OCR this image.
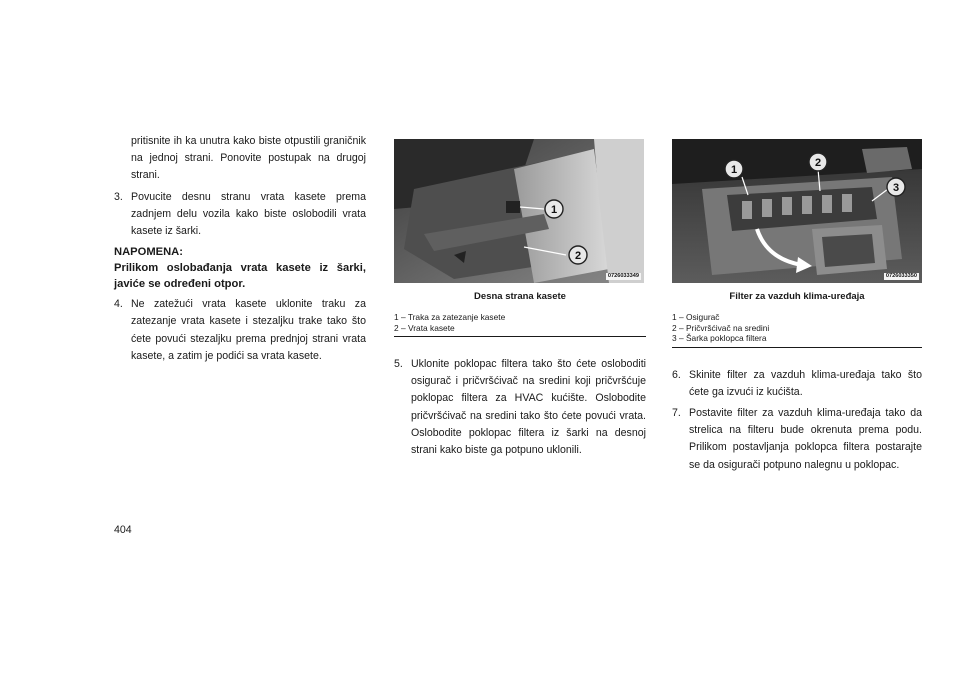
pritisnite ih ka unutra kako biste otpustili graničnik na jednoj strani. Ponovite postupak na drugoj strani.

3. Povucite desnu stranu vrata kasete prema zadnjem delu vozila kako biste oslobodili vrata kasete iz šarki.
NAPOMENA:
Prilikom oslobađanja vrata kasete iz šarki, javiće se određeni otpor.
4. Ne zatežući vrata kasete uklonite traku za zatezanje vrata kasete i stezaljku trake tako što ćete povući stezaljku prema prednjoj strani vrata kasete, a zatim je podići sa vrata kasete.
1
2
0726033349
Desna strana kasete
1 – Traka za zatezanje kasete
2 – Vrata kasete
5. Uklonite poklopac filtera tako što ćete osloboditi osigurač i pričvršćivač na sredini koji pričvršćuje poklopac filtera za HVAC kućište. Oslobodite pričvršćivač na sredini tako što ćete povući vrata. Oslobodite poklopac filtera iz šarki na desnoj strani kako biste ga potpuno uklonili.
1
2
3
0726033350
Filter za vazduh klima-uređaja
1 – Osigurač
2 – Pričvršćivač na sredini
3 – Šarka poklopca filtera
6. Skinite filter za vazduh klima-uređaja tako što ćete ga izvući iz kućišta.
7. Postavite filter za vazduh klima-uređaja tako da strelica na filteru bude okrenuta prema podu. Prilikom postavljanja poklopca filtera postarajte se da osigurači potpuno nalegnu u poklopac.
404
